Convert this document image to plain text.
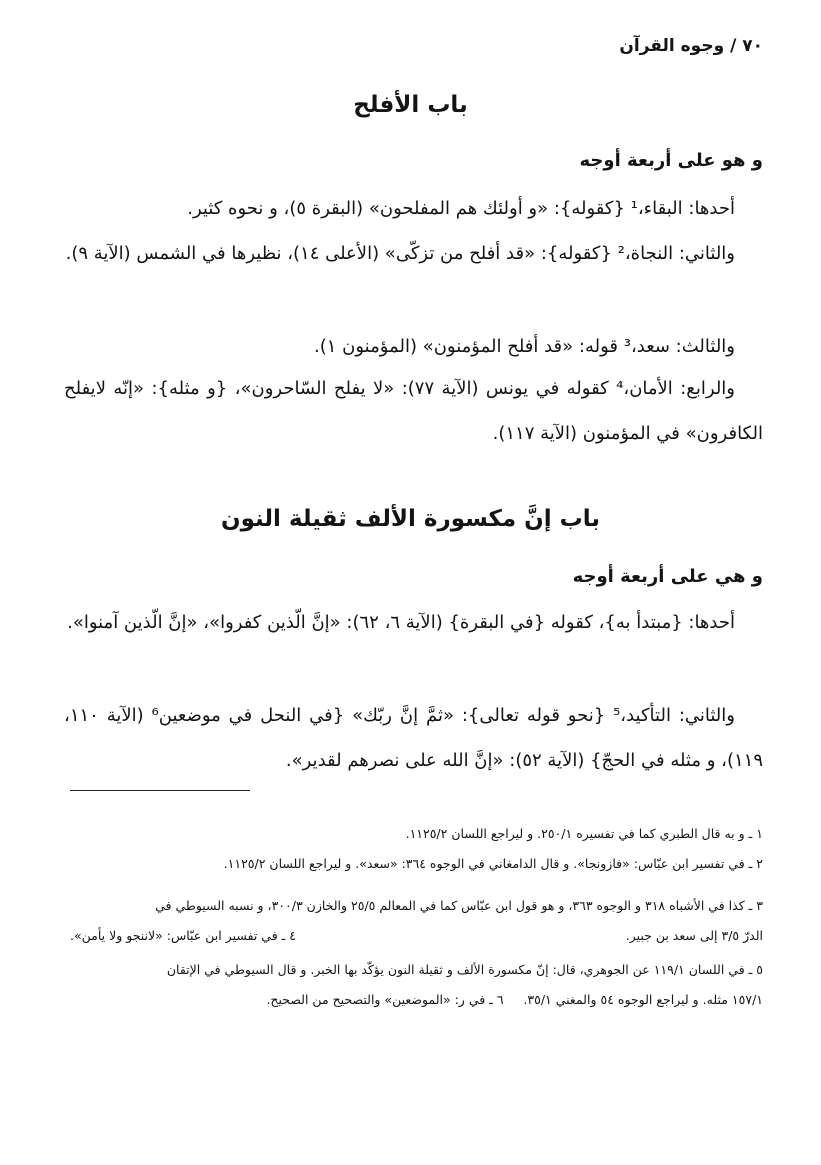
٧٠ / وجوه القرآن
باب الأفلح
و هو على أربعة أوجه
أحدها: البقاء،¹ {كقوله}: «و أولئك هم المفلحون» (البقرة ٥)، و نحوه كثير.
والثاني: النجاة،² {كقوله}: «قد أفلح من تزكّى» (الأعلى ١٤)، نظيرها في الشمس (الآية ٩).
والثالث: سعد،³ قوله: «قد أفلح المؤمنون» (المؤمنون ١).
والرابع: الأمان،⁴ كقوله في يونس (الآية ٧٧): «لا يفلح السّاحرون»، {و مثله}: «إنّه لايفلح الكافرون» في المؤمنون (الآية ١١٧).
باب إنَّ مكسورة الألف ثقيلة النون
و هي على أربعة أوجه
أحدها: {مبتدأ به}، كقوله {في البقرة} (الآية ٦، ٦٢): «إنَّ الّذين كفروا»، «إنَّ الّذين آمنوا».
والثاني: التأكيد،⁵ {نحو قوله تعالى}: «ثمَّ إنَّ ربّك» {في النحل في موضعين⁶ (الآية ١١٠، ١١٩)، و مثله في الحجّ} (الآية ٥٢): «إنَّ الله على نصرهم لقدير».
١ ـ و به قال الطبري كما في تفسيره ٢٥٠/١. و ليراجع اللسان ١١٢٥/٢.
٢ ـ في تفسير ابن عبّاس: «فازونجا». و قال الدامغاني في الوجوه ٣٦٤: «سعد». و ليراجع اللسان ١١٢٥/٢.
٣ ـ كذا في الأشباه ٣١٨ و الوجوه ٣٦٣، و هو قول ابن عبّاس كما في المعالم ٢٥/٥ والخازن ٣٠٠/٣، و نسبه السيوطي في
الدرّ ٣/٥ إلى سعد بن جبير.
٤ ـ في تفسير ابن عبّاس: «لاننجو ولا يأمن».
٥ ـ في اللسان ١١٩/١ عن الجوهري، قال: إنّ مكسورة الألف و ثقيلة النون يؤكّد بها الخبر. و قال السيوطي في الإتقان
١٥٧/١ مثله. و ليراجع الوجوه ٥٤ والمغني ٣٥/١.     ٦ ـ في ر: «الموضعين» والتصحيح من الصحيح.
